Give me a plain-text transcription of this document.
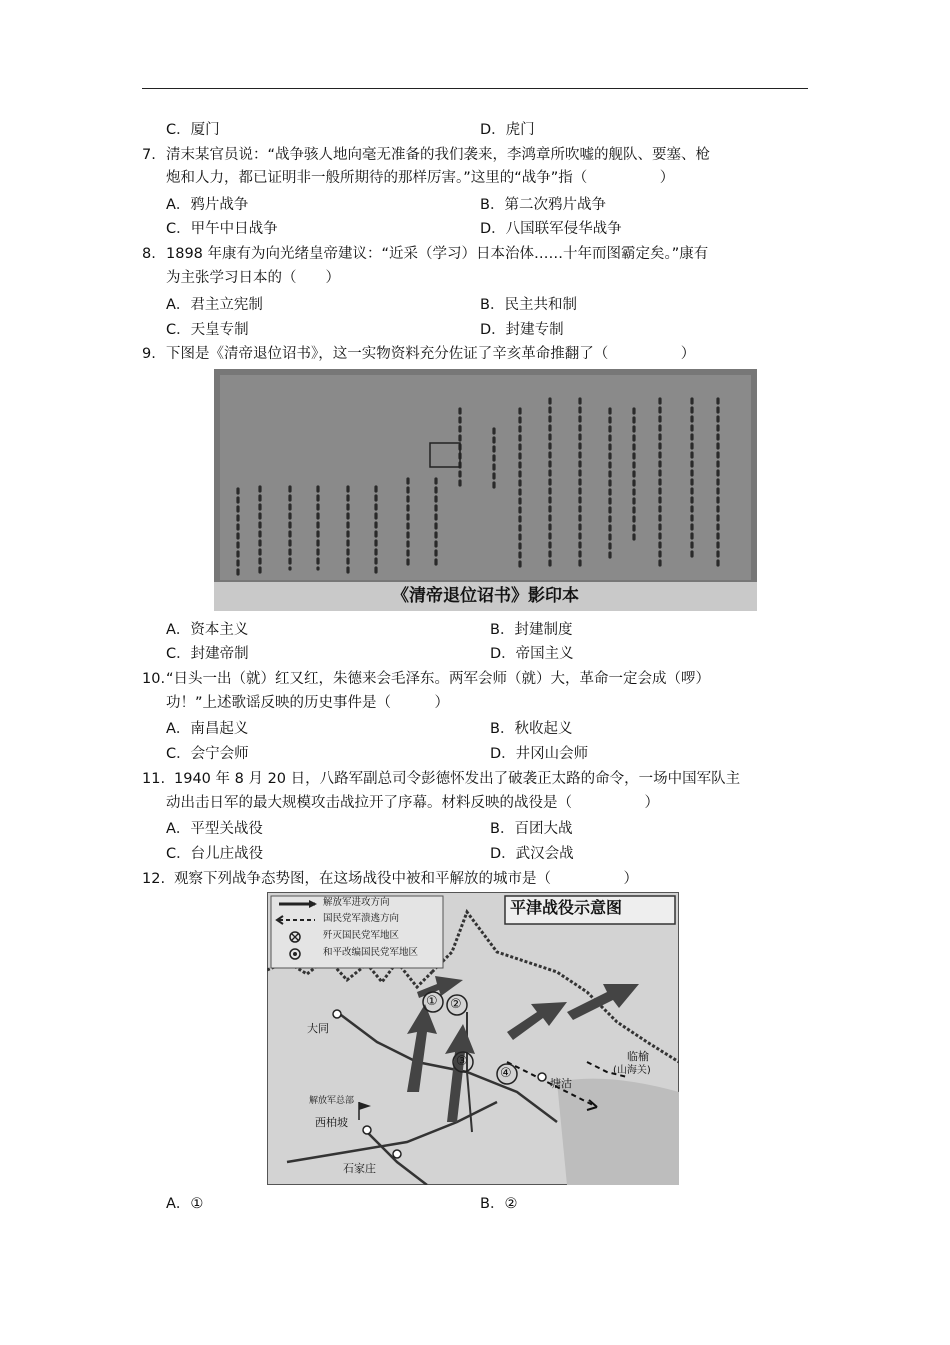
C．厦门	D．虎门
7. 清末某官员说：“战争骇人地向毫无准备的我们袭来，李鸿章所吹嘘的舰队、要塞、枪
炮和人力，都已证明非一般所期待的那样厉害。”这里的“战争”指（　　　　　）
A．鸦片战争	B．第二次鸦片战争
C．甲午中日战争	D．八国联军侵华战争
8. 1898 年康有为向光绪皇帝建议：“近采（学习）日本治体……十年而图霸定矣。”康有
为主张学习日本的（　　）
A．君主立宪制	B．民主共和制
C．天皇专制	D．封建专制
9. 下图是《清帝退位诏书》，这一实物资料充分佐证了辛亥革命推翻了（　　　　　）
《清帝退位诏书》影印本
A．资本主义	B．封建制度
C．封建帝制	D．帝国主义
10. “日头一出（就）红又红，朱德来会毛泽东。两军会师（就）大，革命一定会成（啰）
功！”上述歌谣反映的历史事件是（　　　）
A．南昌起义	B．秋收起义
C．会宁会师	D．井冈山会师
11. 1940 年 8 月 20 日，八路军副总司令彭德怀发出了破袭正太路的命令，一场中国军队主
动出击日军的最大规模攻击战拉开了序幕。材料反映的战役是（　　　　　）
A．平型关战役	B．百团大战
C．台儿庄战役	D．武汉会战
12. 观察下列战争态势图，在这场战役中被和平解放的城市是（　　　　　）
平津战役示意图
解放军进攻方向
国民党军溃逃方向
歼灭国民党军地区
和平改编国民党军地区
大同
解放军总部
西柏坡
石家庄
塘沽
临榆
(山海关)
① ②
③
④
A．①	B．②
